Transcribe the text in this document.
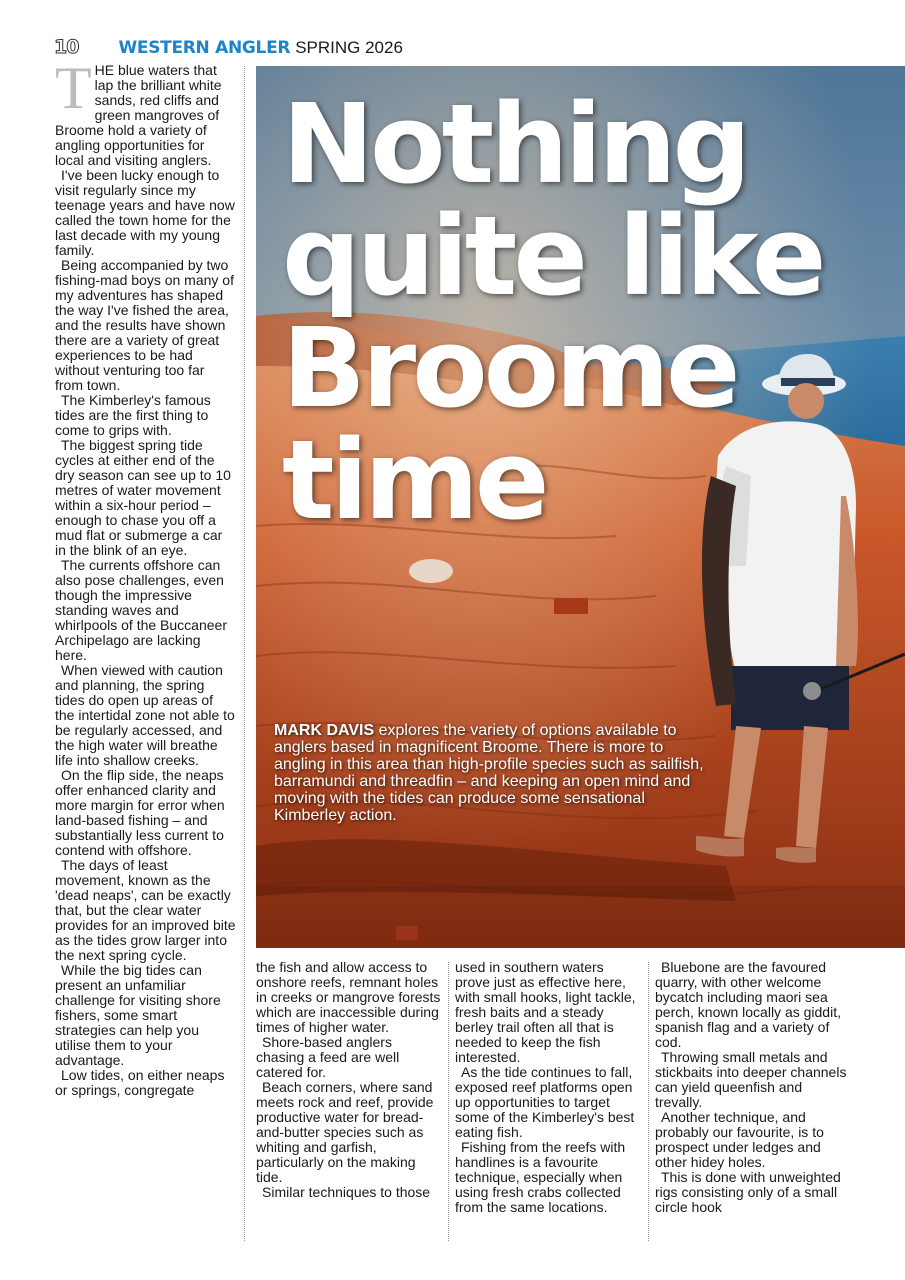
10 WESTERN ANGLER SPRING 2026

THE blue waters that lap the brilliant white sands, red cliffs and green mangroves of Broome hold a variety of angling opportunities for local and visiting anglers.

I've been lucky enough to visit regularly since my teenage years and have now called the town home for the last decade with my young family.

Being accompanied by two fishing-mad boys on many of my adventures has shaped the way I've fished the area, and the results have shown there are a variety of great experiences to be had without venturing too far from town.

The Kimberley's famous tides are the first thing to come to grips with.

The biggest spring tide cycles at either end of the dry season can see up to 10 metres of water movement within a six-hour period – enough to chase you off a mud flat or submerge a car in the blink of an eye.

The currents offshore can also pose challenges, even though the impressive standing waves and whirlpools of the Buccaneer Archipelago are lacking here.

When viewed with caution and planning, the spring tides do open up areas of the intertidal zone not able to be regularly accessed, and the high water will breathe life into shallow creeks.

On the flip side, the neaps offer enhanced clarity and more margin for error when land-based fishing – and substantially less current to contend with offshore.

The days of least movement, known as the 'dead neaps', can be exactly that, but the clear water provides for an improved bite as the tides grow larger into the next spring cycle.

While the big tides can present an unfamiliar challenge for visiting shore fishers, some smart strategies can help you utilise them to your advantage.

Low tides, on either neaps or springs, congregate

Nothing
quite like
Broome
time

MARK DAVIS explores the variety of options available to anglers based in magnificent Broome. There is more to angling in this area than high-profile species such as sailfish, barramundi and threadfin – and keeping an open mind and moving with the tides can produce some sensational Kimberley action.

the fish and allow access to onshore reefs, remnant holes in creeks or mangrove forests which are inaccessible during times of higher water.

Shore-based anglers chasing a feed are well catered for.

Beach corners, where sand meets rock and reef, provide productive water for bread-and-butter species such as whiting and garfish, particularly on the making tide.

Similar techniques to those

used in southern waters prove just as effective here, with small hooks, light tackle, fresh baits and a steady berley trail often all that is needed to keep the fish interested.

As the tide continues to fall, exposed reef platforms open up opportunities to target some of the Kimberley's best eating fish.

Fishing from the reefs with handlines is a favourite technique, especially when using fresh crabs collected from the same locations.

Bluebone are the favoured quarry, with other welcome bycatch including maori sea perch, known locally as giddit, spanish flag and a variety of cod.

Throwing small metals and stickbaits into deeper channels can yield queenfish and trevally.

Another technique, and probably our favourite, is to prospect under ledges and other hidey holes.

This is done with unweighted rigs consisting only of a small circle hook
